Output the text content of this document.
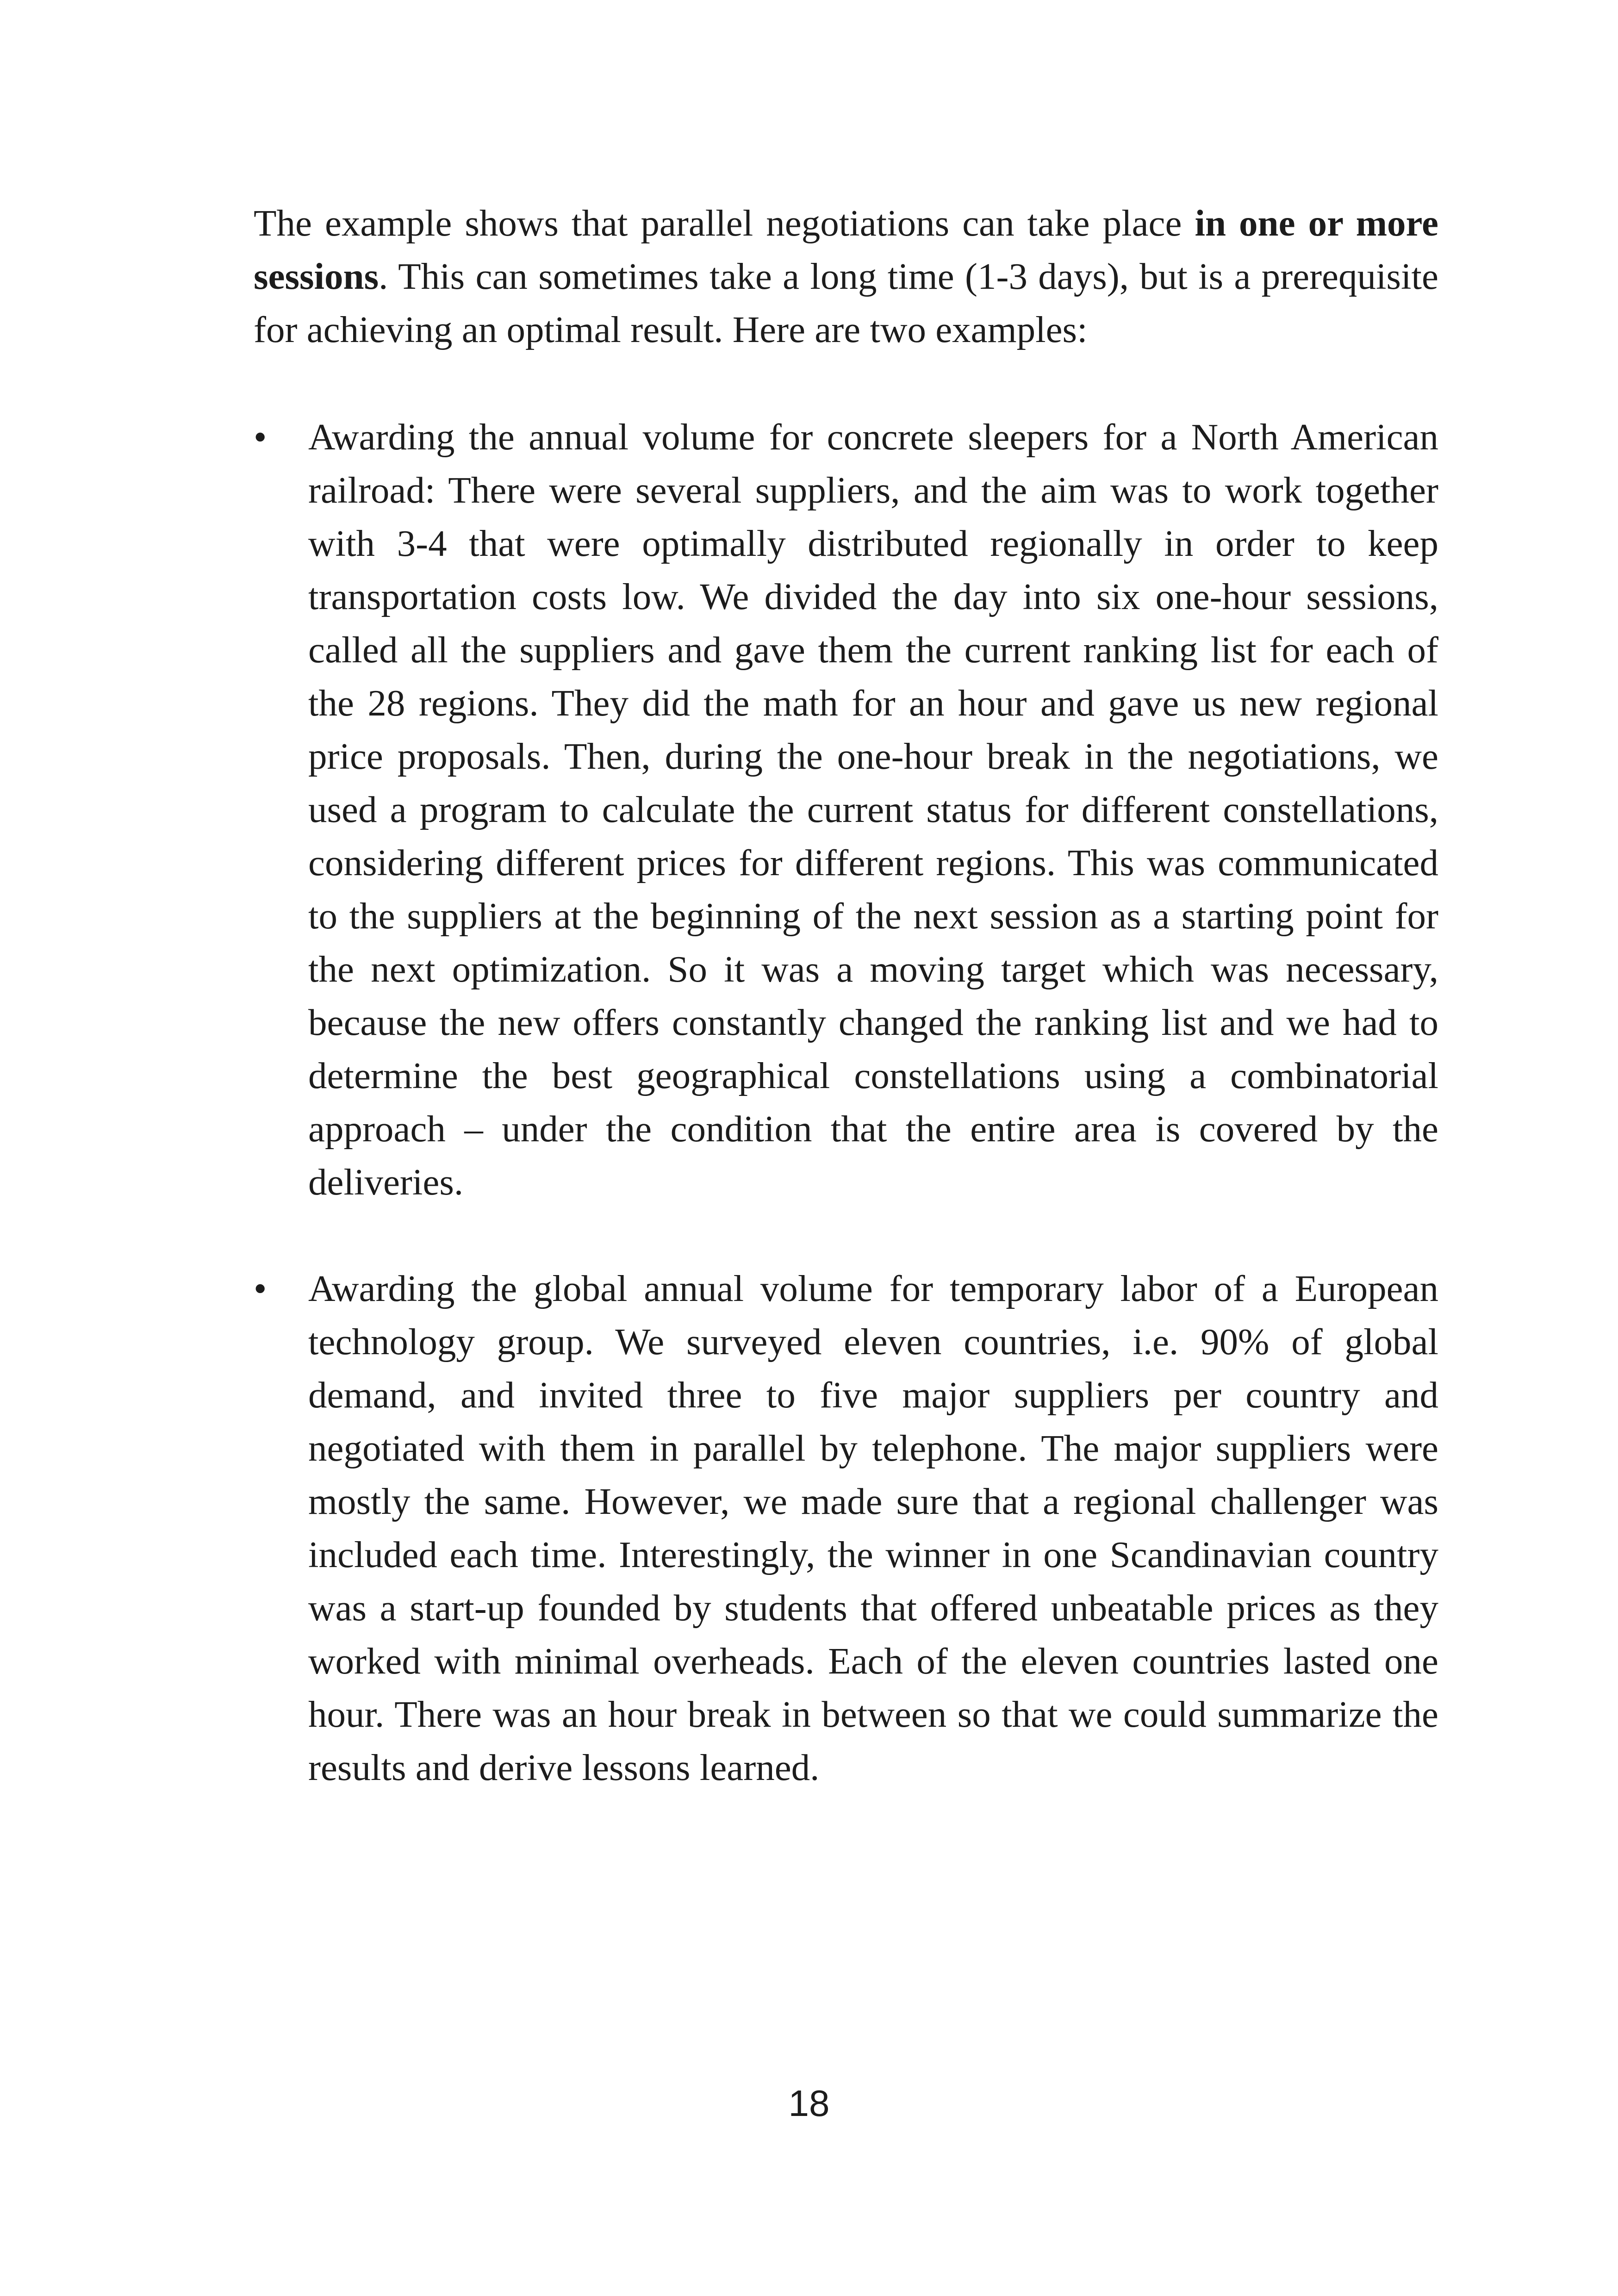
The example shows that parallel negotiations can take place in one or more sessions. This can sometimes take a long time (1-3 days), but is a prerequisite for achieving an optimal result. Here are two examples:

• Awarding the annual volume for concrete sleepers for a North American railroad: There were several suppliers, and the aim was to work together with 3-4 that were optimally distributed regionally in order to keep transportation costs low. We divided the day into six one-hour sessions, called all the suppliers and gave them the current ranking list for each of the 28 regions. They did the math for an hour and gave us new regional price proposals. Then, during the one-hour break in the negotiations, we used a program to calculate the current status for different constellations, considering different prices for different regions. This was communicated to the suppliers at the beginning of the next session as a starting point for the next optimization. So it was a moving target which was necessary, because the new offers constantly changed the ranking list and we had to determine the best geographical constellations using a combinatorial approach – under the condition that the entire area is covered by the deliveries.
• Awarding the global annual volume for temporary labor of a European technology group. We surveyed eleven countries, i.e. 90% of global demand, and invited three to five major suppliers per country and negotiated with them in parallel by telephone. The major suppliers were mostly the same. However, we made sure that a regional challenger was included each time. Interestingly, the winner in one Scandinavian country was a start-up founded by students that offered unbeatable prices as they worked with minimal overheads. Each of the eleven countries lasted one hour. There was an hour break in between so that we could summarize the results and derive lessons learned.
18
